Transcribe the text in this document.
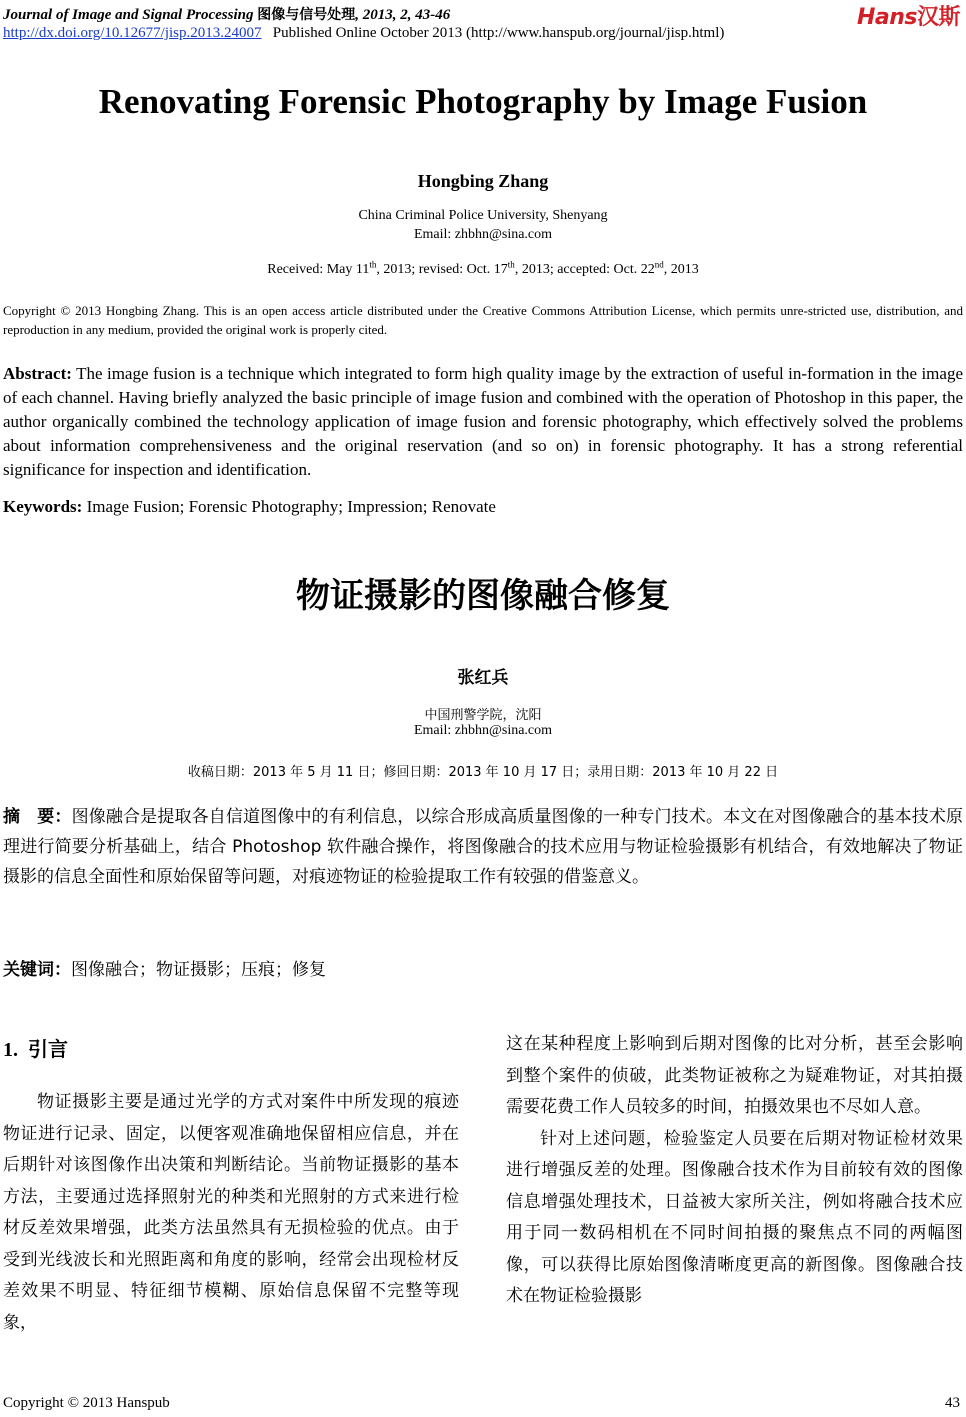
Journal of Image and Signal Processing 图像与信号处理, 2013, 2, 43-46
http://dx.doi.org/10.12677/jisp.2013.24007 Published Online October 2013 (http://www.hanspub.org/journal/jisp.html)
Hans汉斯
Renovating Forensic Photography by Image Fusion
Hongbing Zhang
China Criminal Police University, Shenyang
Email: zhbhn@sina.com
Received: May 11th, 2013; revised: Oct. 17th, 2013; accepted: Oct. 22nd, 2013
Copyright © 2013 Hongbing Zhang. This is an open access article distributed under the Creative Commons Attribution License, which permits unre-stricted use, distribution, and reproduction in any medium, provided the original work is properly cited.
Abstract: The image fusion is a technique which integrated to form high quality image by the extraction of useful in-formation in the image of each channel. Having briefly analyzed the basic principle of image fusion and combined with the operation of Photoshop in this paper, the author organically combined the technology application of image fusion and forensic photography, which effectively solved the problems about information comprehensiveness and the original reservation (and so on) in forensic photography. It has a strong referential significance for inspection and identification.
Keywords: Image Fusion; Forensic Photography; Impression; Renovate
物证摄影的图像融合修复
张红兵
中国刑警学院，沈阳
Email: zhbhn@sina.com
收稿日期：2013 年 5 月 11 日；修回日期：2013 年 10 月 17 日；录用日期：2013 年 10 月 22 日
摘　要：图像融合是提取各自信道图像中的有利信息，以综合形成高质量图像的一种专门技术。本文在对图像融合的基本技术原理进行简要分析基础上，结合 Photoshop 软件融合操作，将图像融合的技术应用与物证检验摄影有机结合，有效地解决了物证摄影的信息全面性和原始保留等问题，对痕迹物证的检验提取工作有较强的借鉴意义。
关键词：图像融合；物证摄影；压痕；修复
1. 引言

物证摄影主要是通过光学的方式对案件中所发现的痕迹物证进行记录、固定，以便客观准确地保留相应信息，并在后期针对该图像作出决策和判断结论。当前物证摄影的基本方法，主要通过选择照射光的种类和光照射的方式来进行检材反差效果增强，此类方法虽然具有无损检验的优点。由于受到光线波长和光照距离和角度的影响，经常会出现检材反差效果不明显、特征细节模糊、原始信息保留不完整等现象，

这在某种程度上影响到后期对图像的比对分析，甚至会影响到整个案件的侦破，此类物证被称之为疑难物证，对其拍摄需要花费工作人员较多的时间，拍摄效果也不尽如人意。

针对上述问题，检验鉴定人员要在后期对物证检材效果进行增强反差的处理。图像融合技术作为目前较有效的图像信息增强处理技术，日益被大家所关注，例如将融合技术应用于同一数码相机在不同时间拍摄的聚焦点不同的两幅图像，可以获得比原始图像清晰度更高的新图像。图像融合技术在物证检验摄影

Copyright © 2013 Hanspub	43
